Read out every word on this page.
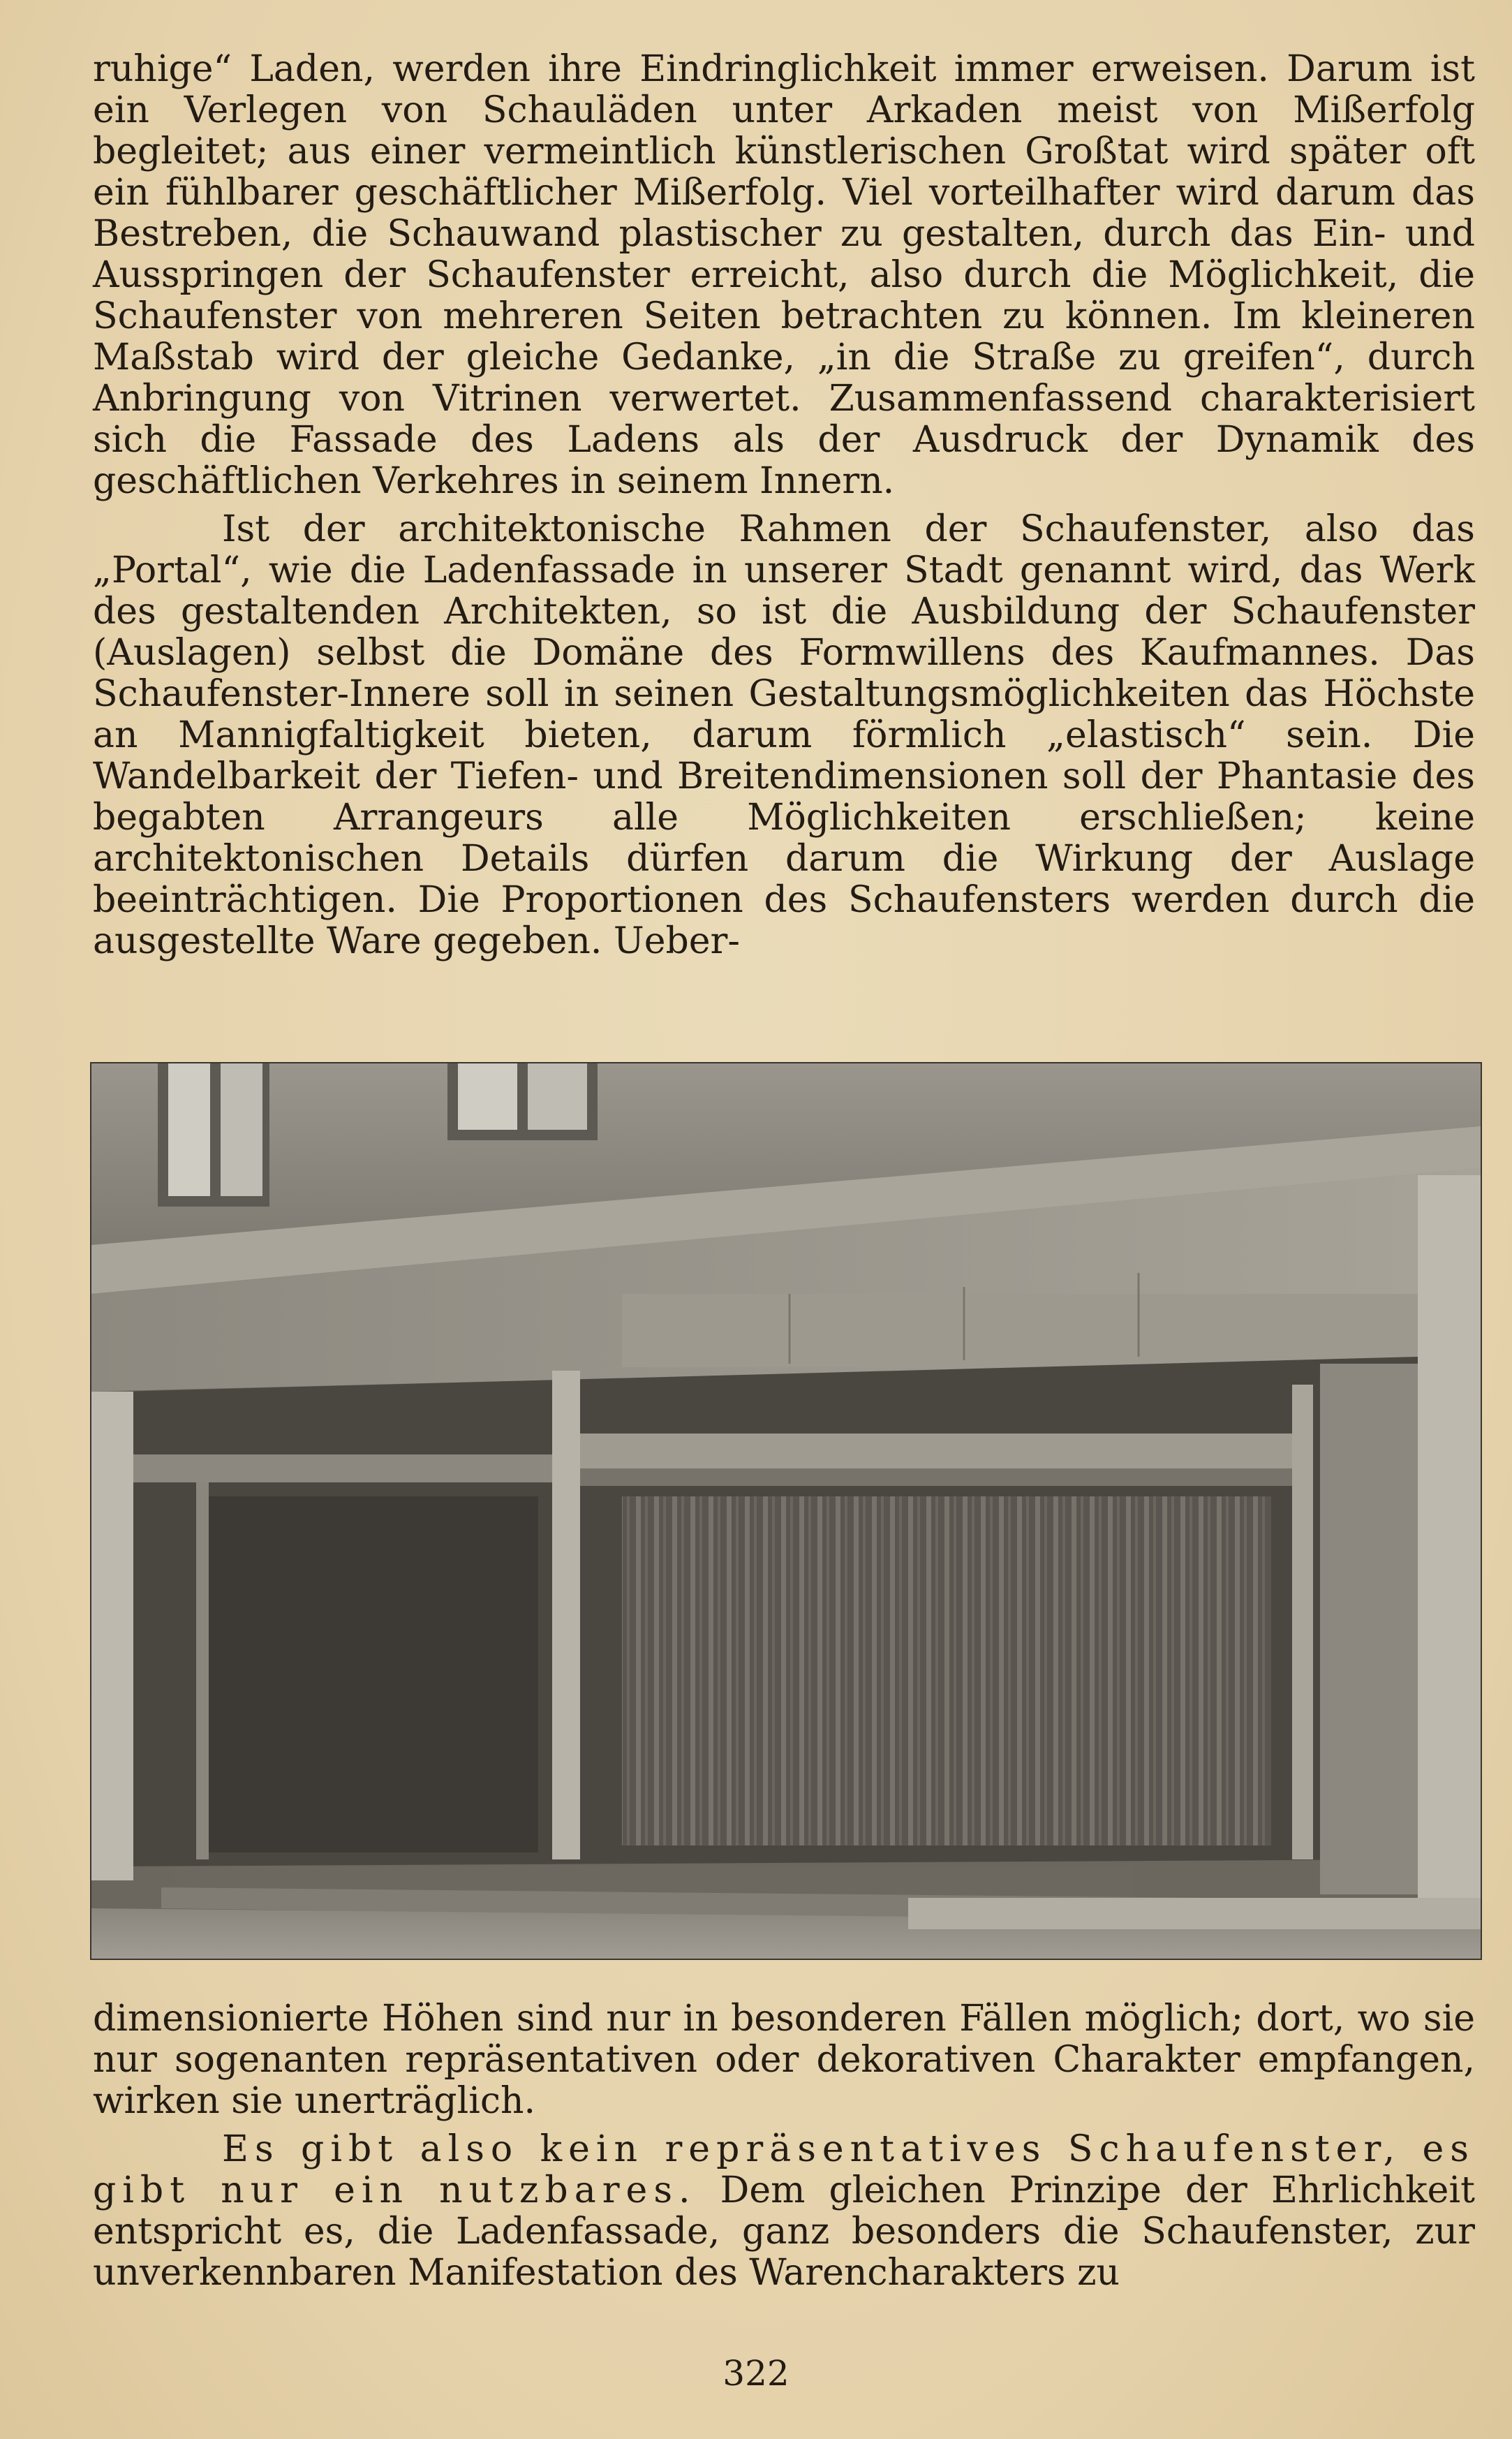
ruhige“ Laden, werden ihre Eindringlichkeit immer erweisen. Darum ist ein Verlegen von Schauläden unter Arkaden meist von Mißerfolg begleitet; aus einer vermeintlich künstlerischen Großtat wird später oft ein fühlbarer geschäftlicher Mißerfolg. Viel vorteilhafter wird darum das Bestreben, die Schauwand plastischer zu gestalten, durch das Ein- und Ausspringen der Schaufenster erreicht, also durch die Möglichkeit, die Schaufenster von mehreren Seiten betrachten zu können. Im kleineren Maßstab wird der gleiche Gedanke, „in die Straße zu greifen“, durch Anbringung von Vitrinen verwertet. Zusammenfassend charakterisiert sich die Fassade des Ladens als der Ausdruck der Dynamik des geschäftlichen Verkehres in seinem Innern.

Ist der architektonische Rahmen der Schaufenster, also das „Portal“, wie die Ladenfassade in unserer Stadt genannt wird, das Werk des gestaltenden Architekten, so ist die Ausbildung der Schaufenster (Auslagen) selbst die Domäne des Formwillens des Kaufmannes. Das Schaufenster-Innere soll in seinen Gestaltungsmöglichkeiten das Höchste an Mannigfaltigkeit bieten, darum förmlich „elastisch“ sein. Die Wandelbarkeit der Tiefen- und Breitendimensionen soll der Phantasie des begabten Arrangeurs alle Möglichkeiten erschließen; keine architektonischen Details dürfen darum die Wirkung der Auslage beeinträchtigen. Die Proportionen des Schaufensters werden durch die ausgestellte Ware gegeben. Ueber-

dimensionierte Höhen sind nur in besonderen Fällen möglich; dort, wo sie nur sogenanten repräsentativen oder dekorativen Charakter empfangen, wirken sie unerträglich.

Es gibt also kein repräsentatives Schaufenster, es gibt nur ein nutzbares. Dem gleichen Prinzipe der Ehrlichkeit entspricht es, die Ladenfassade, ganz besonders die Schaufenster, zur unverkennbaren Manifestation des Warencharakters zu

322
